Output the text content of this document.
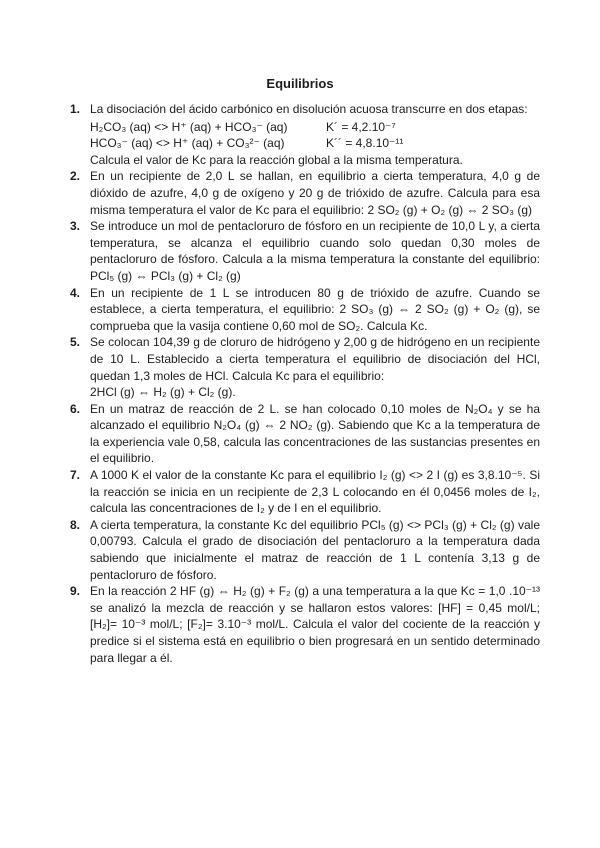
Equilibrios
1. La disociación del ácido carbónico en disolución acuosa transcurre en dos etapas:

H₂CO₃ (aq) <> H⁺ (aq) + HCO₃⁻ (aq)	K´ = 4,2.10⁻⁷
HCO₃⁻ (aq) <> H⁺ (aq) + CO₃²⁻ (aq)	K´´ = 4,8.10⁻¹¹

Calcula el valor de Kc para la reacción global a la misma temperatura.

2. En un recipiente de 2,0 L se hallan, en equilibrio a cierta temperatura, 4,0 g de dióxido de azufre, 4,0 g de oxígeno y 20 g de trióxido de azufre. Calcula para esa misma temperatura el valor de Kc para el equilibrio: 2 SO₂ (g) + O₂ (g) ⇔ 2 SO₃ (g)

3. Se introduce un mol de pentacloruro de fósforo en un recipiente de 10,0 L y, a cierta temperatura, se alcanza el equilibrio cuando solo quedan 0,30 moles de pentacloruro de fósforo. Calcula a la misma temperatura la constante del equilibrio: PCl₅ (g) ⇔ PCl₃ (g) + Cl₂ (g)

4. En un recipiente de 1 L se introducen 80 g de trióxido de azufre. Cuando se establece, a cierta temperatura, el equilibrio: 2 SO₃ (g) ⇔ 2 SO₂ (g) + O₂ (g), se comprueba que la vasija contiene 0,60 mol de SO₂. Calcula Kc.

5. Se colocan 104,39 g de cloruro de hidrógeno y 2,00 g de hidrógeno en un recipiente de 10 L. Establecido a cierta temperatura el equilibrio de disociación del HCl, quedan 1,3 moles de HCl. Calcula Kc para el equilibrio:

2HCl (g) ⇔ H₂ (g) + Cl₂ (g).

6. En un matraz de reacción de 2 L. se han colocado 0,10 moles de N₂O₄ y se ha alcanzado el equilibrio N₂O₄ (g) ⇔ 2 NO₂ (g). Sabiendo que Kc a la temperatura de la experiencia vale 0,58, calcula las concentraciones de las sustancias presentes en el equilibrio.

7. A 1000 K el valor de la constante Kc para el equilibrio I₂ (g) <> 2 I (g) es 3,8.10⁻⁵. Si la reacción se inicia en un recipiente de 2,3 L colocando en él 0,0456 moles de I₂, calcula las concentraciones de I₂ y de I en el equilibrio.

8. A cierta temperatura, la constante Kc del equilibrio PCl₅ (g) <> PCl₃ (g) + Cl₂ (g) vale 0,00793. Calcula el grado de disociación del pentacloruro a la temperatura dada sabiendo que inicialmente el matraz de reacción de 1 L contenía 3,13 g de pentacloruro de fósforo.

9. En la reacción 2 HF (g) ⇔ H₂ (g) + F₂ (g) a una temperatura a la que Kc = 1,0 .10⁻¹³ se analizó la mezcla de reacción y se hallaron estos valores: [HF] = 0,45 mol/L; [H₂]= 10⁻³ mol/L; [F₂]= 3.10⁻³ mol/L. Calcula el valor del cociente de la reacción y predice si el sistema está en equilibrio o bien progresará en un sentido determinado para llegar a él.
